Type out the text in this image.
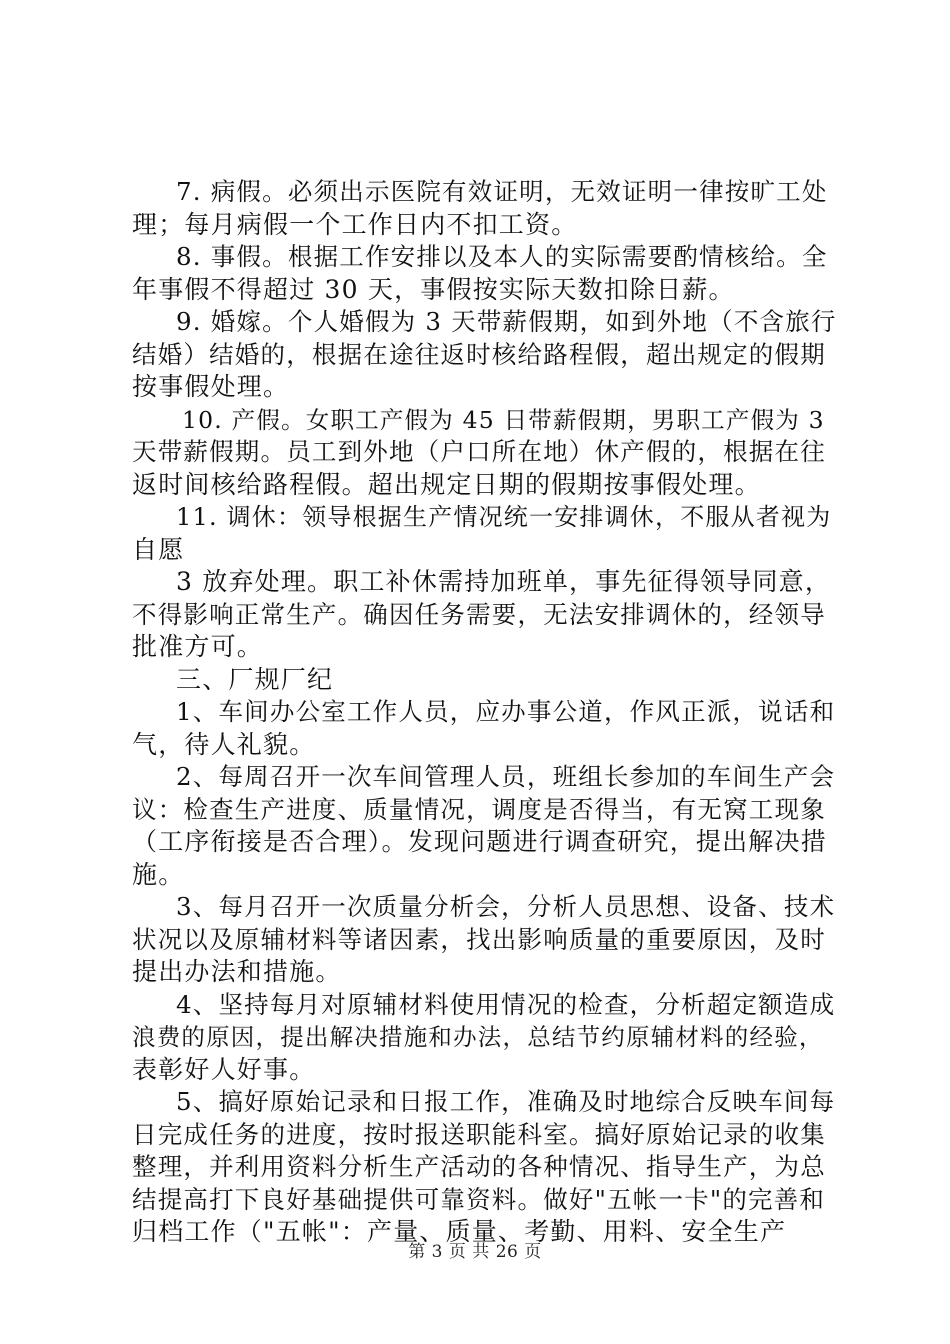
7. 病假。必须出示医院有效证明，无效证明一律按旷工处
理；每月病假一个工作日内不扣工资。
8. 事假。根据工作安排以及本人的实际需要酌情核给。全
年事假不得超过 30 天，事假按实际天数扣除日薪。
9. 婚嫁。个人婚假为 3 天带薪假期，如到外地（不含旅行
结婚）结婚的，根据在途往返时核给路程假，超出规定的假期
按事假处理。
10. 产假。女职工产假为 45 日带薪假期，男职工产假为 3
天带薪假期。员工到外地（户口所在地）休产假的，根据在往
返时间核给路程假。超出规定日期的假期按事假处理。
11. 调休：领导根据生产情况统一安排调休，不服从者视为
自愿
3 放弃处理。职工补休需持加班单，事先征得领导同意，
不得影响正常生产。确因任务需要，无法安排调休的，经领导
批准方可。
三、厂规厂纪
1、车间办公室工作人员，应办事公道，作风正派，说话和
气，待人礼貌。
2、每周召开一次车间管理人员，班组长参加的车间生产会
议：检查生产进度、质量情况，调度是否得当，有无窝工现象
（工序衔接是否合理）。发现问题进行调查研究，提出解决措
施。
3、每月召开一次质量分析会，分析人员思想、设备、技术
状况以及原辅材料等诸因素，找出影响质量的重要原因，及时
提出办法和措施。
4、坚持每月对原辅材料使用情况的检查，分析超定额造成
浪费的原因，提出解决措施和办法，总结节约原辅材料的经验，
表彰好人好事。
5、搞好原始记录和日报工作，准确及时地综合反映车间每
日完成任务的进度，按时报送职能科室。搞好原始记录的收集
整理，并利用资料分析生产活动的各种情况、指导生产，为总
结提高打下良好基础提供可靠资料。做好"五帐一卡"的完善和
归档工作（"五帐"：产量、质量、考勤、用料、安全生产
第 3 页 共 26 页
